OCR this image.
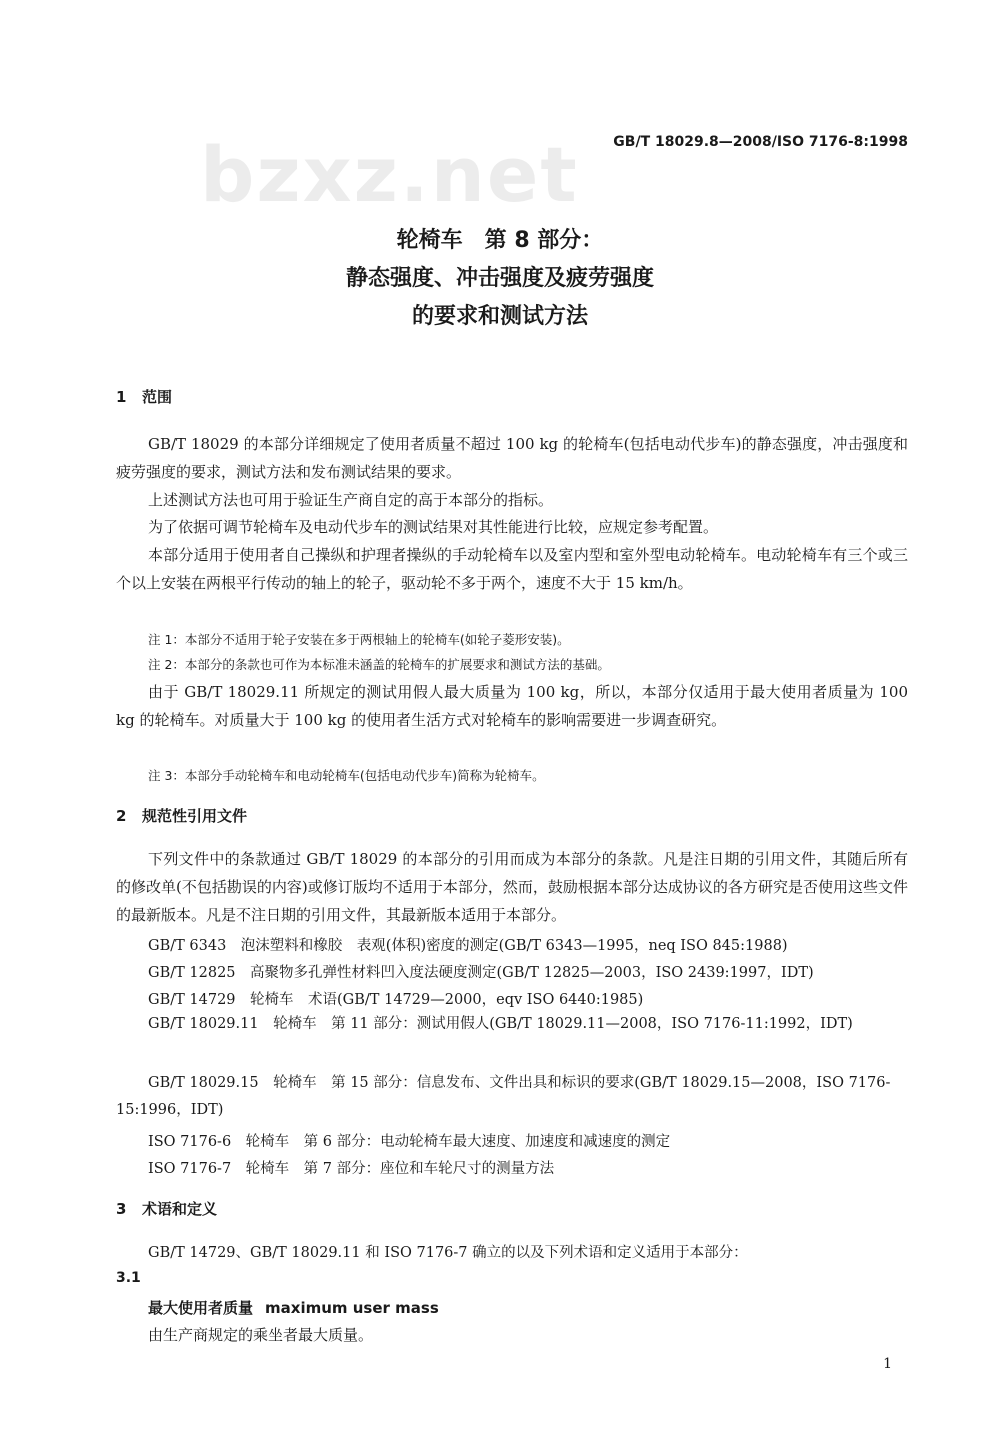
bzxz.net GB/T 18029.8—2008/ISO 7176-8:1998
轮椅车　第 8 部分：
静态强度、冲击强度及疲劳强度
的要求和测试方法
1 范围
GB/T 18029 的本部分详细规定了使用者质量不超过 100 kg 的轮椅车(包括电动代步车)的静态强度，冲击强度和疲劳强度的要求，测试方法和发布测试结果的要求。
上述测试方法也可用于验证生产商自定的高于本部分的指标。
为了依据可调节轮椅车及电动代步车的测试结果对其性能进行比较，应规定参考配置。
本部分适用于使用者自己操纵和护理者操纵的手动轮椅车以及室内型和室外型电动轮椅车。电动轮椅车有三个或三个以上安装在两根平行传动的轴上的轮子，驱动轮不多于两个，速度不大于 15 km/h。
注 1：本部分不适用于轮子安装在多于两根轴上的轮椅车(如轮子菱形安装)。
注 2：本部分的条款也可作为本标准未涵盖的轮椅车的扩展要求和测试方法的基础。
由于 GB/T 18029.11 所规定的测试用假人最大质量为 100 kg，所以，本部分仅适用于最大使用者质量为 100 kg 的轮椅车。对质量大于 100 kg 的使用者生活方式对轮椅车的影响需要进一步调查研究。
注 3：本部分手动轮椅车和电动轮椅车(包括电动代步车)简称为轮椅车。
2 规范性引用文件
下列文件中的条款通过 GB/T 18029 的本部分的引用而成为本部分的条款。凡是注日期的引用文件，其随后所有的修改单(不包括勘误的内容)或修订版均不适用于本部分，然而，鼓励根据本部分达成协议的各方研究是否使用这些文件的最新版本。凡是不注日期的引用文件，其最新版本适用于本部分。
GB/T 6343　泡沫塑料和橡胶　表观(体积)密度的测定(GB/T 6343—1995，neq ISO 845:1988)
GB/T 12825　高聚物多孔弹性材料凹入度法硬度测定(GB/T 12825—2003，ISO 2439:1997，IDT)
GB/T 14729　轮椅车　术语(GB/T 14729—2000，eqv ISO 6440:1985)
GB/T 18029.11　轮椅车　第 11 部分：测试用假人(GB/T 18029.11—2008，ISO 7176-11:1992，IDT)
GB/T 18029.15　轮椅车　第 15 部分：信息发布、文件出具和标识的要求(GB/T 18029.15—2008，ISO 7176-15:1996，IDT)
ISO 7176-6　轮椅车　第 6 部分：电动轮椅车最大速度、加速度和减速度的测定
ISO 7176-7　轮椅车　第 7 部分：座位和车轮尺寸的测量方法
3 术语和定义
GB/T 14729、GB/T 18029.11 和 ISO 7176-7 确立的以及下列术语和定义适用于本部分：
3.1
最大使用者质量 maximum user mass
由生产商规定的乘坐者最大质量。
1
